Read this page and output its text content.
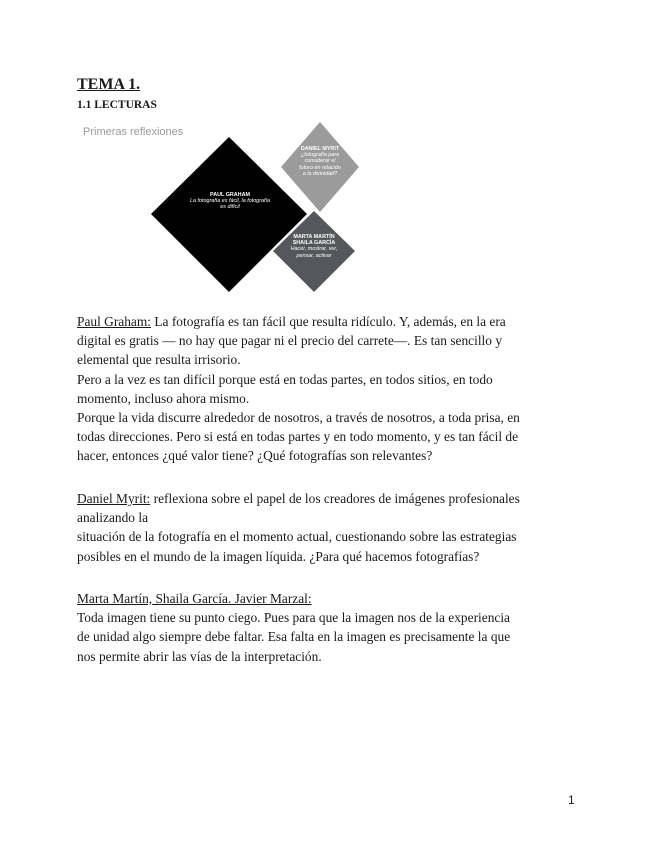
TEMA 1.
1.1 LECTURAS
Primeras reflexiones
PAUL GRAHAM
La fotografía es fácil, la fotografía es difícil
DANIEL MYRIT
¿fotografía para considerar el futuro en relación a la divinidad?
MARTA MARTÍN SHAILA GARCÍA
Hacer, mostrar, ver, pensar, activar

Paul Graham: La fotografía es tan fácil que resulta ridículo. Y, además, en la era

digital es gratis — no hay que pagar ni el precio del carrete—. Es tan sencillo y

elemental que resulta irrisorio.

Pero a la vez es tan difícil porque está en todas partes, en todos sitios, en todo

momento, incluso ahora mismo.

Porque la vida discurre alrededor de nosotros, a través de nosotros, a toda prisa, en

todas direcciones. Pero si está en todas partes y en todo momento, y es tan fácil de

hacer, entonces ¿qué valor tiene? ¿Qué fotografías son relevantes?

Daniel Myrit: reflexiona sobre el papel de los creadores de imágenes profesionales

analizando la

situación de la fotografía en el momento actual, cuestionando sobre las estrategias

posibles en el mundo de la imagen líquida. ¿Para qué hacemos fotografías?

Marta Martín, Shaila García. Javier Marzal:

Toda imagen tiene su punto ciego. Pues para que la imagen nos de la experiencia

de unidad algo siempre debe faltar. Esa falta en la imagen es precisamente la que

nos permite abrir las vías de la interpretación.

1
